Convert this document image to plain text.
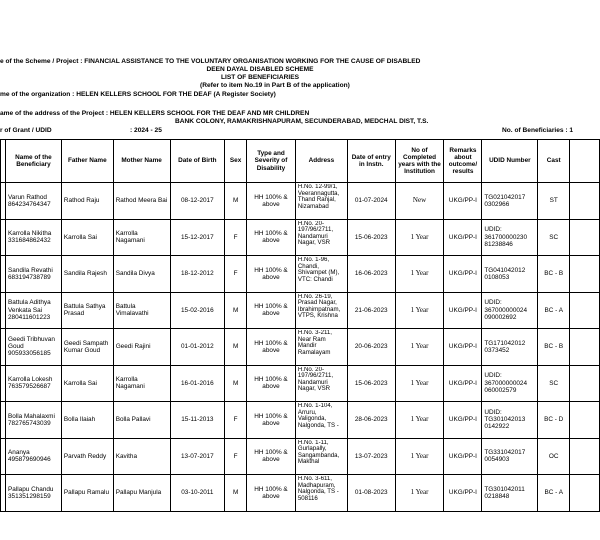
e of the Scheme / Project : FINANCIAL ASSISTANCE TO THE VOLUNTARY ORGANISATION WORKING FOR THE CAUSE OF DISABLED
DEEN DAYAL DISABLED SCHEME
LIST OF BENEFICIARIES
(Refer to item No.19 in Part B of the application)
me of the organization : HELEN KELLERS SCHOOL FOR THE DEAF (A Register Society)
ame of the address of the Project : HELEN KELLERS SCHOOL FOR THE DEAF AND MR CHILDREN
BANK COLONY, RAMAKRISHNAPURAM, SECUNDERABAD, MEDCHAL DIST, T.S.
r of Grant / UDID	: 2024 - 25	No. of Beneficiaries : 1
	Name of the Beneficiary	Father Name	Mother Name	Date of Birth	Sex	Type and Severity of Disability	Address	Date of entry in Instn.	No of Completed years with the Institution	Remarks about outcome/ results	UDID Number	Cast	
	Varun Rathod 864234764347	Rathod Raju	Rathod Meera Bai	08-12-2017	M	HH 100% & above	H.No. 12-99/1, Veerannagutta, Thand Ranjal, Nizamabad	01-07-2024	New	UKG/PP-I	TG021042017 0302966	ST	
	Karrolla Nikitha 331684862432	Karrolla Sai	Karrolla Nagamani	15-12-2017	F	HH 100% & above	H.No. 20-197/96/2711, Nandamuri Nagar, VSR	15-06-2023	1 Year	UKG/PP-I	UDID: 361700000230 81238846	SC	
	Sandila Revathi 683194738789	Sandila Rajesh	Sandila Divya	18-12-2012	F	HH 100% & above	H.No. 1-96, Chandi, Shivampet (M), VTC: Chandi	16-06-2023	1 Year	UKG/PP-I	TG041042012 0108053	BC - B	
	Battula Adithya Venkata Sai 280411601223	Battula Sathya Prasad	Battula Vimalavathi	15-02-2016	M	HH 100% & above	H.No. 26-19, Prasad Nagar, Ibrahimpatnam, VTPS, Krishna	21-06-2023	1 Year	UKG/PP-I	UDID: 367000000024 090002692	BC - A	
	Geedi Tribhuvan Goud 905933056185	Geedi Sampath Kumar Goud	Geedi Rajini	01-01-2012	M	HH 100% & above	H.No. 3-211, Near Ram Mandir Ramalayam	20-06-2023	1 Year	UKG/PP-I	TG171042012 0373452	BC - B	
	Karrolla Lokesh 763579526687	Karrolla Sai	Karrolla Nagamani	16-01-2016	M	HH 100% & above	H.No. 20-197/96/2711, Nandamuri Nagar, VSR	15-06-2023	1 Year	UKG/PP-I	UDID: 367000000024 060002579	SC	
	Bolla Mahalaxmi 782765743039	Bolla Ilaiah	Bolla Pallavi	15-11-2013	F	HH 100% & above	H.No. 1-104, Arruru, Valigonda, Nalgonda, TS -	28-06-2023	1 Year	UKG/PP-I	UDID: TG301042013 0142922	BC - D	
	Ananya 495879690946	Parvath Reddy	Kavitha	13-07-2017	F	HH 100% & above	H.No. 1-11, Gurlapally, Sangambanda, Makthal	13-07-2023	1 Year	UKG/PP-I	TG331042017 0054903	OC	
	Pallapu Chandu 351351298159	Pallapu Ramalu	Pallapu Manjula	03-10-2011	M	HH 100% & above	H.No. 3-611, Madhapuram, Nalgonda, TS - 508116	01-08-2023	1 Year	UKG/PP-I	TG301042011 0218848	BC - A	
